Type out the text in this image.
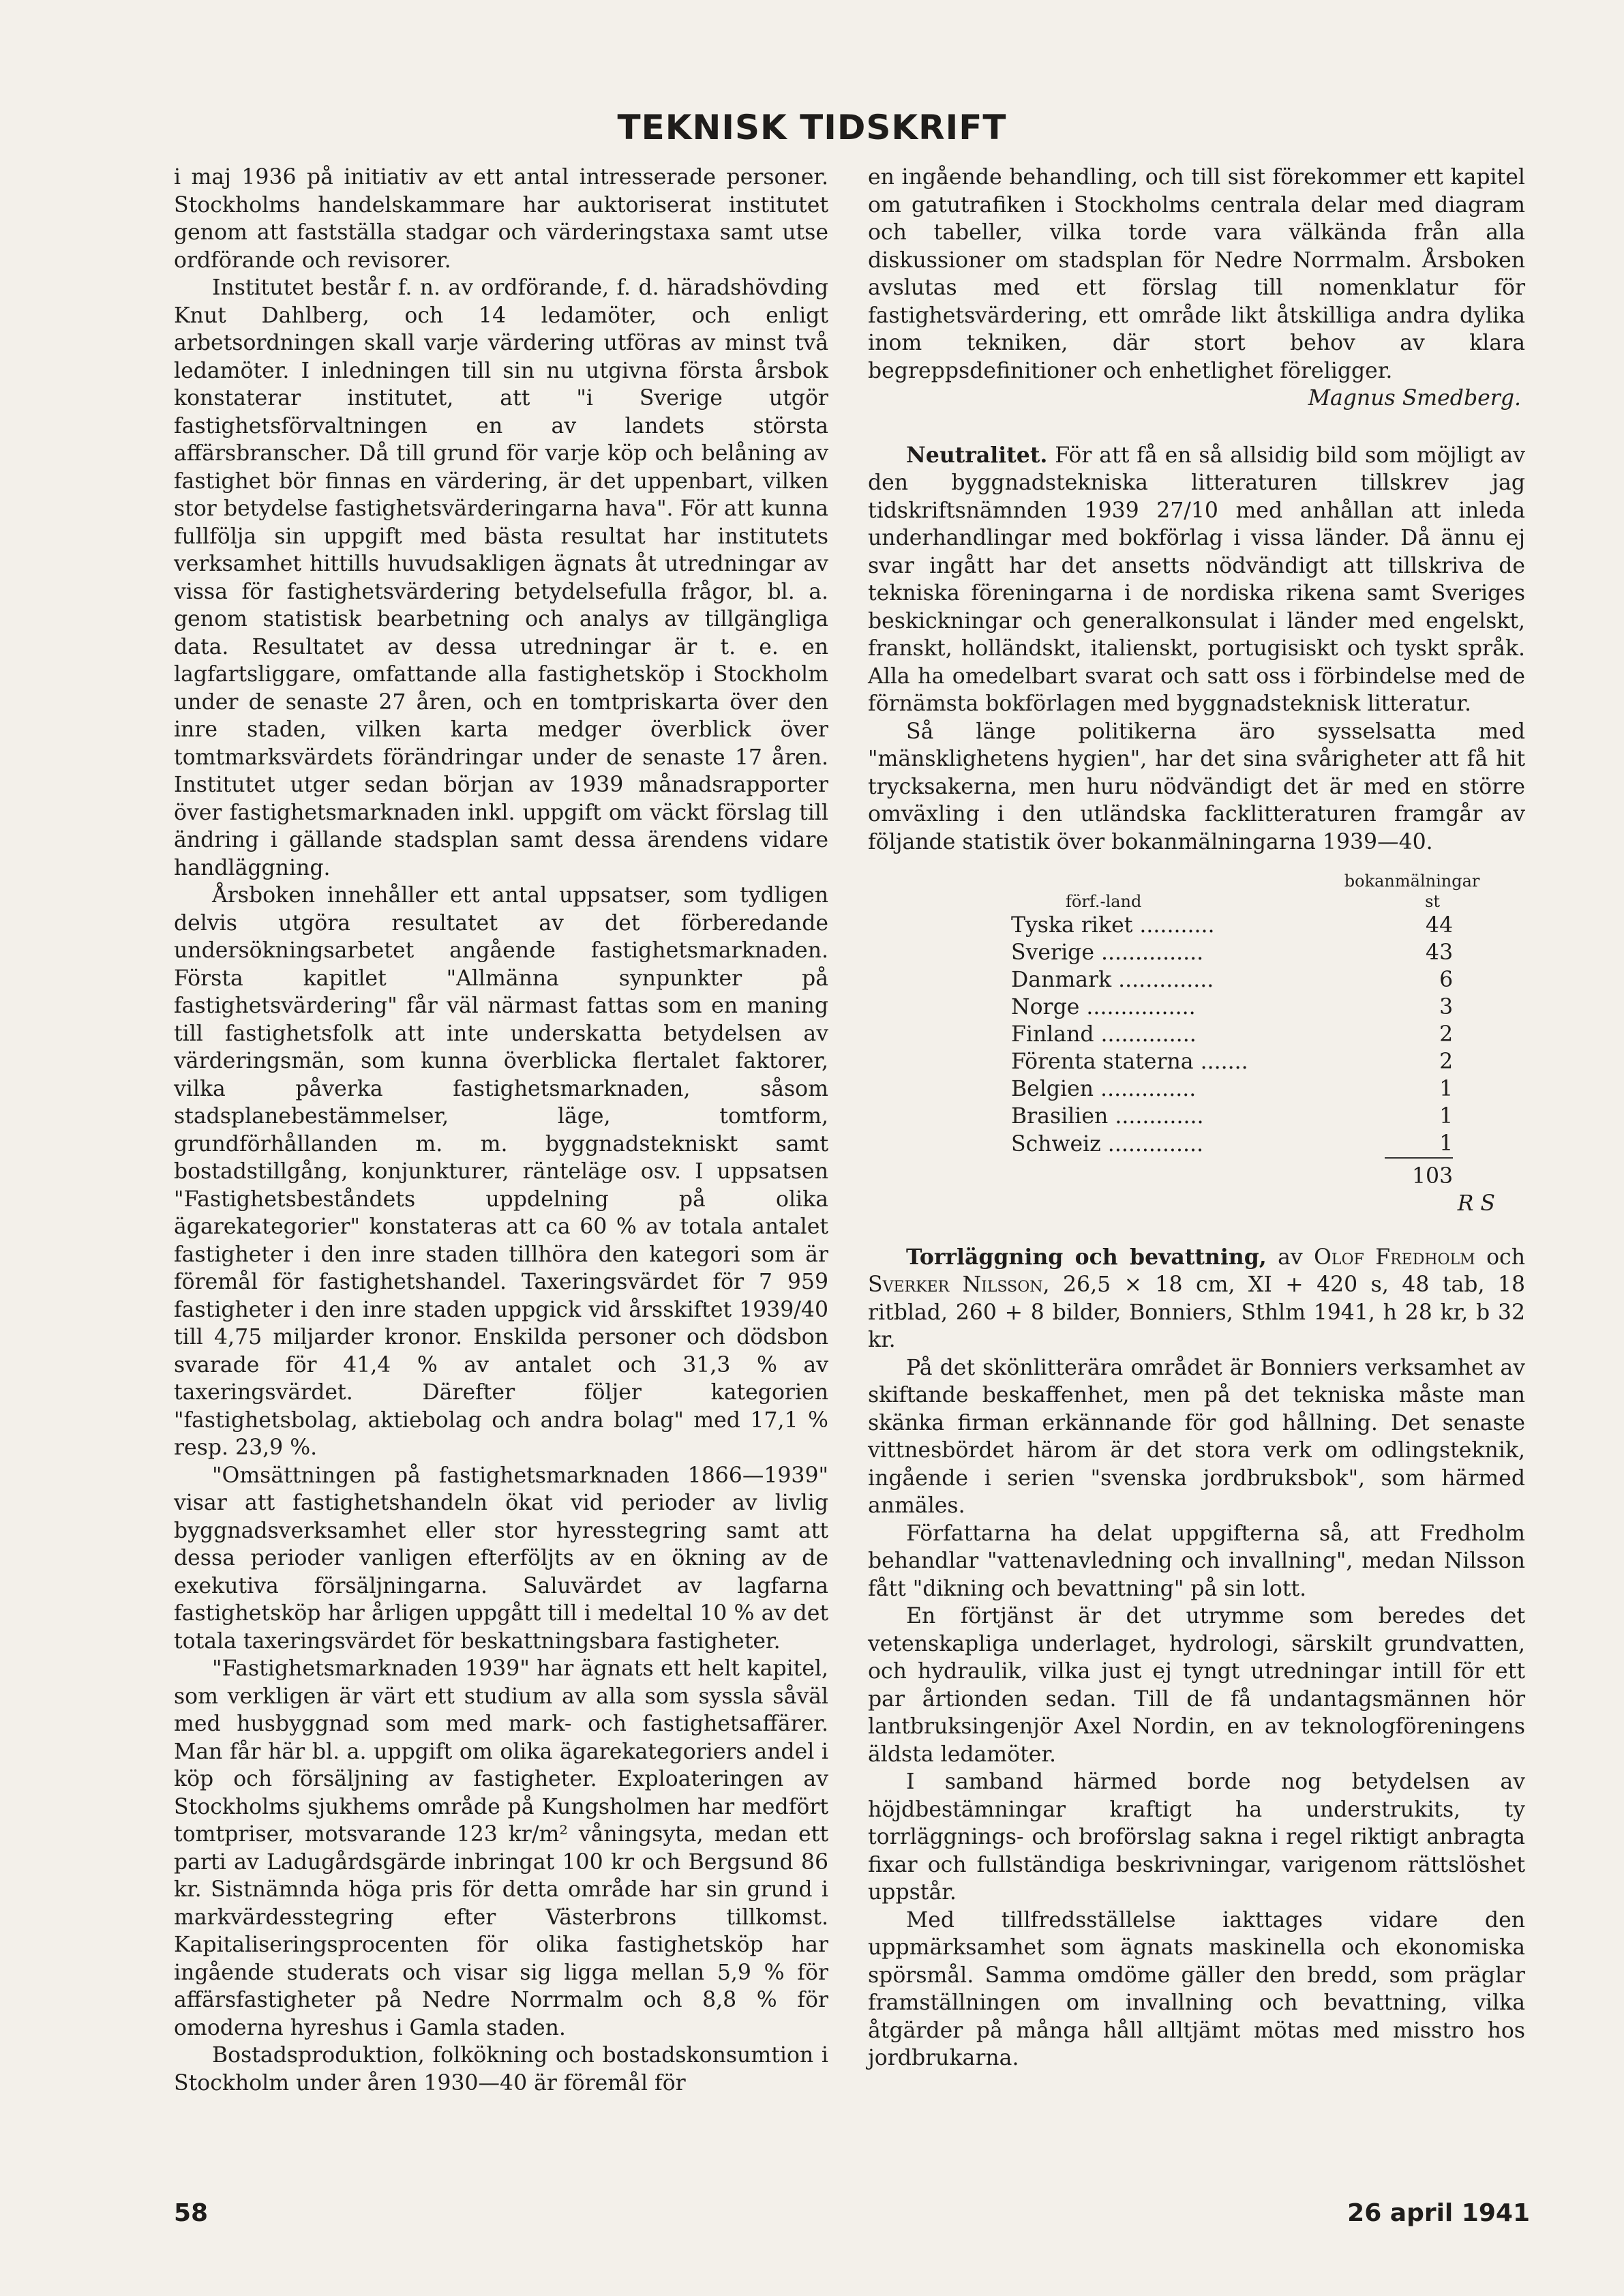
TEKNISK TIDSKRIFT

i maj 1936 på initiativ av ett antal intresserade personer. Stockholms handelskammare har auktoriserat institutet genom att fastställa stadgar och värderingstaxa samt utse ordförande och revisorer.

Institutet består f. n. av ordförande, f. d. häradshövding Knut Dahlberg, och 14 ledamöter, och enligt arbetsordningen skall varje värdering utföras av minst två ledamöter. I inledningen till sin nu utgivna första årsbok konstaterar institutet, att "i Sverige utgör fastighetsförvaltningen en av landets största affärsbranscher. Då till grund för varje köp och belåning av fastighet bör finnas en värdering, är det uppenbart, vilken stor betydelse fastighetsvärderingarna hava". För att kunna fullfölja sin uppgift med bästa resultat har institutets verksamhet hittills huvudsakligen ägnats åt utredningar av vissa för fastighetsvärdering betydelsefulla frågor, bl. a. genom statistisk bearbetning och analys av tillgängliga data. Resultatet av dessa utredningar är t. e. en lagfartsliggare, omfattande alla fastighetsköp i Stockholm under de senaste 27 åren, och en tomtpriskarta över den inre staden, vilken karta medger överblick över tomtmarksvärdets förändringar under de senaste 17 åren. Institutet utger sedan början av 1939 månadsrapporter över fastighetsmarknaden inkl. uppgift om väckt förslag till ändring i gällande stadsplan samt dessa ärendens vidare handläggning.

Årsboken innehåller ett antal uppsatser, som tydligen delvis utgöra resultatet av det förberedande undersökningsarbetet angående fastighetsmarknaden. Första kapitlet "Allmänna synpunkter på fastighetsvärdering" får väl närmast fattas som en maning till fastighetsfolk att inte underskatta betydelsen av värderingsmän, som kunna överblicka flertalet faktorer, vilka påverka fastighetsmarknaden, såsom stadsplanebestämmelser, läge, tomtform, grundförhållanden m. m. byggnadstekniskt samt bostadstillgång, konjunkturer, ränteläge osv. I uppsatsen "Fastighetsbeståndets uppdelning på olika ägarekategorier" konstateras att ca 60 % av totala antalet fastigheter i den inre staden tillhöra den kategori som är föremål för fastighetshandel. Taxeringsvärdet för 7 959 fastigheter i den inre staden uppgick vid årsskiftet 1939/40 till 4,75 miljarder kronor. Enskilda personer och dödsbon svarade för 41,4 % av antalet och 31,3 % av taxeringsvärdet. Därefter följer kategorien "fastighetsbolag, aktiebolag och andra bolag" med 17,1 % resp. 23,9 %.

"Omsättningen på fastighetsmarknaden 1866—1939" visar att fastighetshandeln ökat vid perioder av livlig byggnadsverksamhet eller stor hyresstegring samt att dessa perioder vanligen efterföljts av en ökning av de exekutiva försäljningarna. Saluvärdet av lagfarna fastighetsköp har årligen uppgått till i medeltal 10 % av det totala taxeringsvärdet för beskattningsbara fastigheter.

"Fastighetsmarknaden 1939" har ägnats ett helt kapitel, som verkligen är värt ett studium av alla som syssla såväl med husbyggnad som med mark- och fastighetsaffärer. Man får här bl. a. uppgift om olika ägarekategoriers andel i köp och försäljning av fastigheter. Exploateringen av Stockholms sjukhems område på Kungsholmen har medfört tomtpriser, motsvarande 123 kr/m² våningsyta, medan ett parti av Ladugårdsgärde inbringat 100 kr och Bergsund 86 kr. Sistnämnda höga pris för detta område har sin grund i markvärdesstegring efter Västerbrons tillkomst. Kapitaliseringsprocenten för olika fastighetsköp har ingående studerats och visar sig ligga mellan 5,9 % för affärsfastigheter på Nedre Norrmalm och 8,8 % för omoderna hyreshus i Gamla staden.

Bostadsproduktion, folkökning och bostadskonsumtion i Stockholm under åren 1930—40 är föremål för

en ingående behandling, och till sist förekommer ett kapitel om gatutrafiken i Stockholms centrala delar med diagram och tabeller, vilka torde vara välkända från alla diskussioner om stadsplan för Nedre Norrmalm. Årsboken avslutas med ett förslag till nomenklatur för fastighetsvärdering, ett område likt åtskilliga andra dylika inom tekniken, där stort behov av klara begreppsdefinitioner och enhetlighet föreligger.

Magnus Smedberg.

Neutralitet. För att få en så allsidig bild som möjligt av den byggnadstekniska litteraturen tillskrev jag tidskriftsnämnden 1939 27/10 med anhållan att inleda underhandlingar med bokförlag i vissa länder. Då ännu ej svar ingått har det ansetts nödvändigt att tillskriva de tekniska föreningarna i de nordiska rikena samt Sveriges beskickningar och generalkonsulat i länder med engelskt, franskt, holländskt, italienskt, portugisiskt och tyskt språk. Alla ha omedelbart svarat och satt oss i förbindelse med de förnämsta bokförlagen med byggnadsteknisk litteratur.

Så länge politikerna äro sysselsatta med "mänsklighetens hygien", har det sina svårigheter att få hit trycksakerna, men huru nödvändigt det är med en större omväxling i den utländska facklitteraturen framgår av följande statistik över bokanmälningarna 1939—40.

förf.-land	bokanmälningar
st

Tyska riket ...........	44
Sverige ...............	43
Danmark ..............	6
Norge ................	3
Finland ..............	2
Förenta staterna .......	2
Belgien ..............	1
Brasilien .............	1
Schweiz ..............	1
	103

R S

Torrläggning och bevattning, av Olof Fredholm och Sverker Nilsson, 26,5 × 18 cm, XI + 420 s, 48 tab, 18 ritblad, 260 + 8 bilder, Bonniers, Sthlm 1941, h 28 kr, b 32 kr.

På det skönlitterära området är Bonniers verksamhet av skiftande beskaffenhet, men på det tekniska måste man skänka firman erkännande för god hållning. Det senaste vittnesbördet härom är det stora verk om odlingsteknik, ingående i serien "svenska jordbruksbok", som härmed anmäles.

Författarna ha delat uppgifterna så, att Fredholm behandlar "vattenavledning och invallning", medan Nilsson fått "dikning och bevattning" på sin lott.

En förtjänst är det utrymme som beredes det vetenskapliga underlaget, hydrologi, särskilt grundvatten, och hydraulik, vilka just ej tyngt utredningar intill för ett par årtionden sedan. Till de få undantagsmännen hör lantbruksingenjör Axel Nordin, en av teknologföreningens äldsta ledamöter.

I samband härmed borde nog betydelsen av höjdbestämningar kraftigt ha understrukits, ty torrläggnings- och broförslag sakna i regel riktigt anbragta fixar och fullständiga beskrivningar, varigenom rättslöshet uppstår.

Med tillfredsställelse iakttages vidare den uppmärksamhet som ägnats maskinella och ekonomiska spörsmål. Samma omdöme gäller den bredd, som präglar framställningen om invallning och bevattning, vilka åtgärder på många håll alltjämt mötas med misstro hos jordbrukarna.

58	26 april 1941
